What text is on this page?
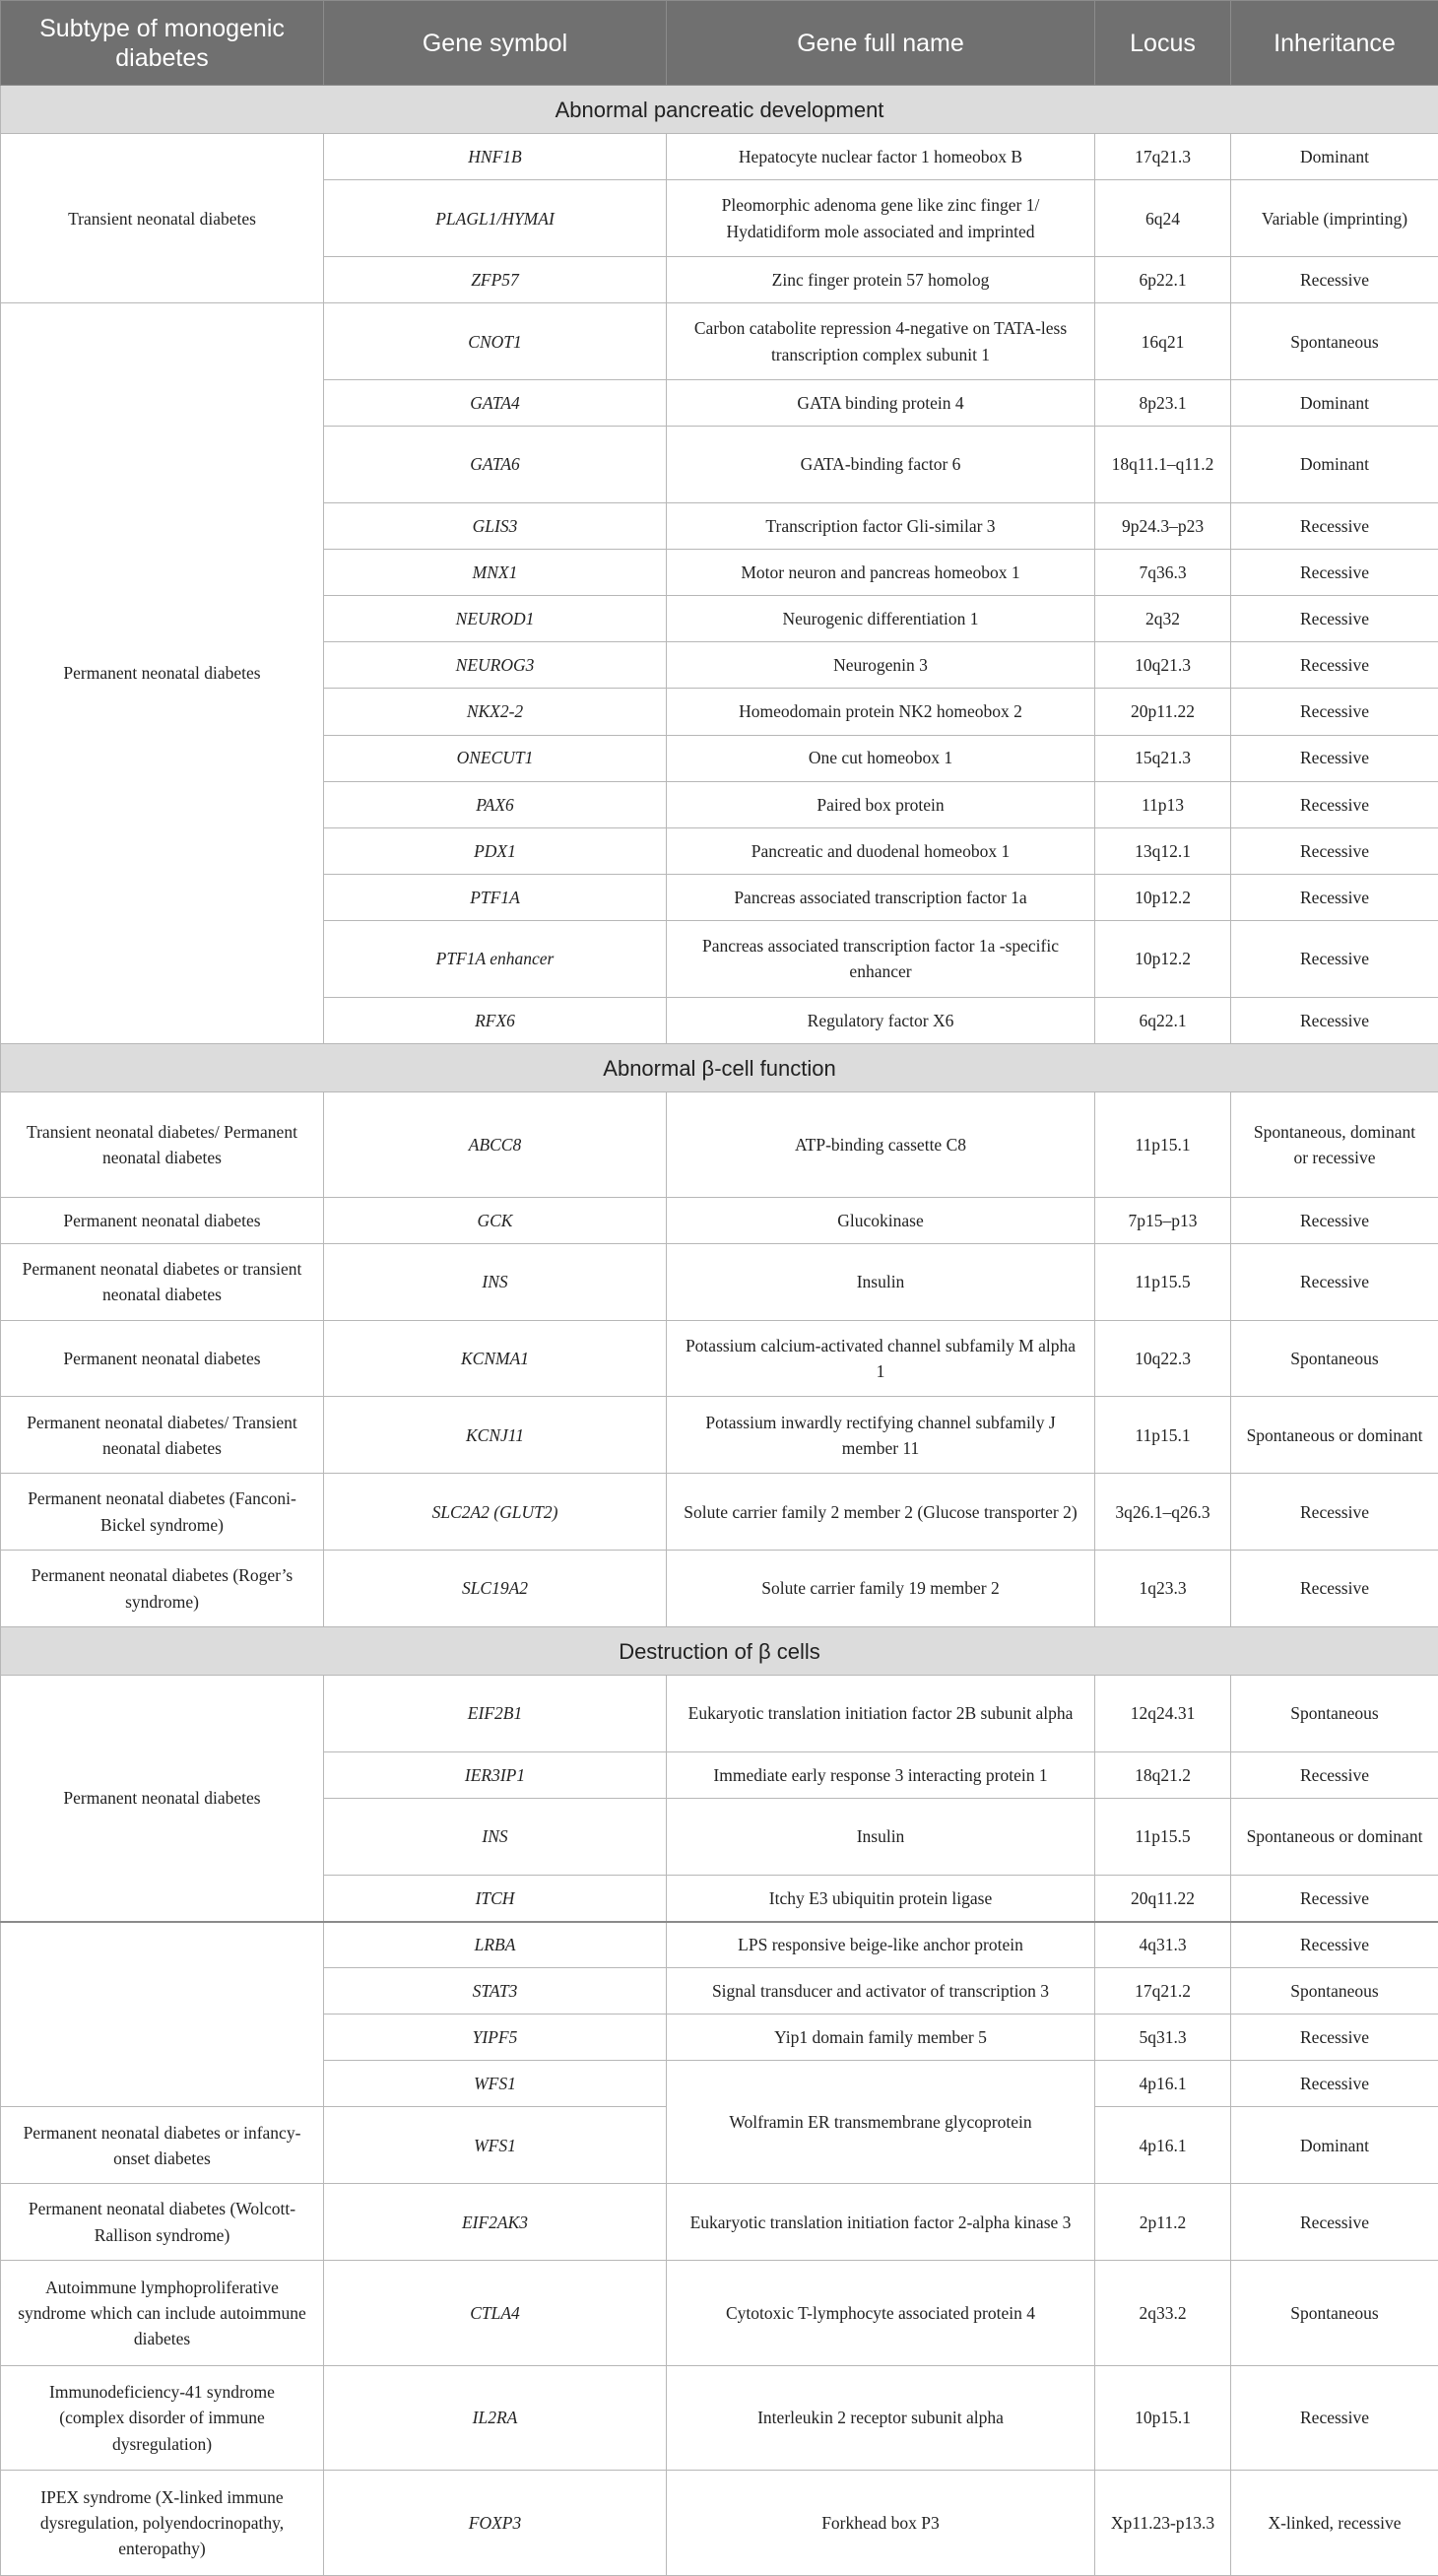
Subtype of monogenic diabetes	Gene symbol	Gene full name	Locus	Inheritance
Abnormal pancreatic development				
Transient neonatal diabetes	HNF1B	Hepatocyte nuclear factor 1 homeobox B	17q21.3	Dominant
	PLAGL1/HYMAI	Pleomorphic adenoma gene like zinc finger 1/ Hydatidiform mole associated and imprinted	6q24	Variable (imprinting)
	ZFP57	Zinc finger protein 57 homolog	6p22.1	Recessive
Permanent neonatal diabetes	CNOT1	Carbon catabolite repression 4-negative on TATA-less transcription complex subunit 1	16q21	Spontaneous
	GATA4	GATA binding protein 4	8p23.1	Dominant
	GATA6	GATA-binding factor 6	18q11.1–q11.2	Dominant
	GLIS3	Transcription factor Gli-similar 3	9p24.3–p23	Recessive
	MNX1	Motor neuron and pancreas homeobox 1	7q36.3	Recessive
	NEUROD1	Neurogenic differentiation 1	2q32	Recessive
	NEUROG3	Neurogenin 3	10q21.3	Recessive
	NKX2-2	Homeodomain protein NK2 homeobox 2	20p11.22	Recessive
	ONECUT1	One cut homeobox 1	15q21.3	Recessive
	PAX6	Paired box protein	11p13	Recessive
	PDX1	Pancreatic and duodenal homeobox 1	13q12.1	Recessive
	PTF1A	Pancreas associated transcription factor 1a	10p12.2	Recessive
	PTF1A enhancer	Pancreas associated transcription factor 1a -specific enhancer	10p12.2	Recessive
	RFX6	Regulatory factor X6	6q22.1	Recessive
Abnormal β-cell function				
Transient neonatal diabetes/ Permanent neonatal diabetes	ABCC8	ATP-binding cassette C8	11p15.1	Spontaneous, dominant or recessive
Permanent neonatal diabetes	GCK	Glucokinase	7p15–p13	Recessive
Permanent neonatal diabetes or transient neonatal diabetes	INS	Insulin	11p15.5	Recessive
Permanent neonatal diabetes	KCNMA1	Potassium calcium-activated channel subfamily M alpha 1	10q22.3	Spontaneous
Permanent neonatal diabetes/ Transient neonatal diabetes	KCNJ11	Potassium inwardly rectifying channel subfamily J member 11	11p15.1	Spontaneous or dominant
Permanent neonatal diabetes (Fanconi-Bickel syndrome)	SLC2A2 (GLUT2)	Solute carrier family 2 member 2 (Glucose transporter 2)	3q26.1–q26.3	Recessive
Permanent neonatal diabetes (Roger’s syndrome)	SLC19A2	Solute carrier family 19 member 2	1q23.3	Recessive
Destruction of β cells				
Permanent neonatal diabetes	EIF2B1	Eukaryotic translation initiation factor 2B subunit alpha	12q24.31	Spontaneous
	IER3IP1	Immediate early response 3 interacting protein 1	18q21.2	Recessive
	INS	Insulin	11p15.5	Spontaneous or dominant
	ITCH	Itchy E3 ubiquitin protein ligase	20q11.22	Recessive
	LRBA	LPS responsive beige-like anchor protein	4q31.3	Recessive
	STAT3	Signal transducer and activator of transcription 3	17q21.2	Spontaneous
	YIPF5	Yip1 domain family member 5	5q31.3	Recessive
	WFS1	Wolframin ER transmembrane glycoprotein	4p16.1	Recessive
Permanent neonatal diabetes or infancy-onset diabetes	WFS1		4p16.1	Dominant
Permanent neonatal diabetes (Wolcott-Rallison syndrome)	EIF2AK3	Eukaryotic translation initiation factor 2-alpha kinase 3	2p11.2	Recessive
Autoimmune lymphoproliferative syndrome which can include autoimmune diabetes	CTLA4	Cytotoxic T-lymphocyte associated protein 4	2q33.2	Spontaneous
Immunodeficiency-41 syndrome (complex disorder of immune dysregulation)	IL2RA	Interleukin 2 receptor subunit alpha	10p15.1	Recessive
IPEX syndrome (X-linked immune dysregulation, polyendocrinopathy, enteropathy)	FOXP3	Forkhead box P3	Xp11.23-p13.3	X-linked, recessive
